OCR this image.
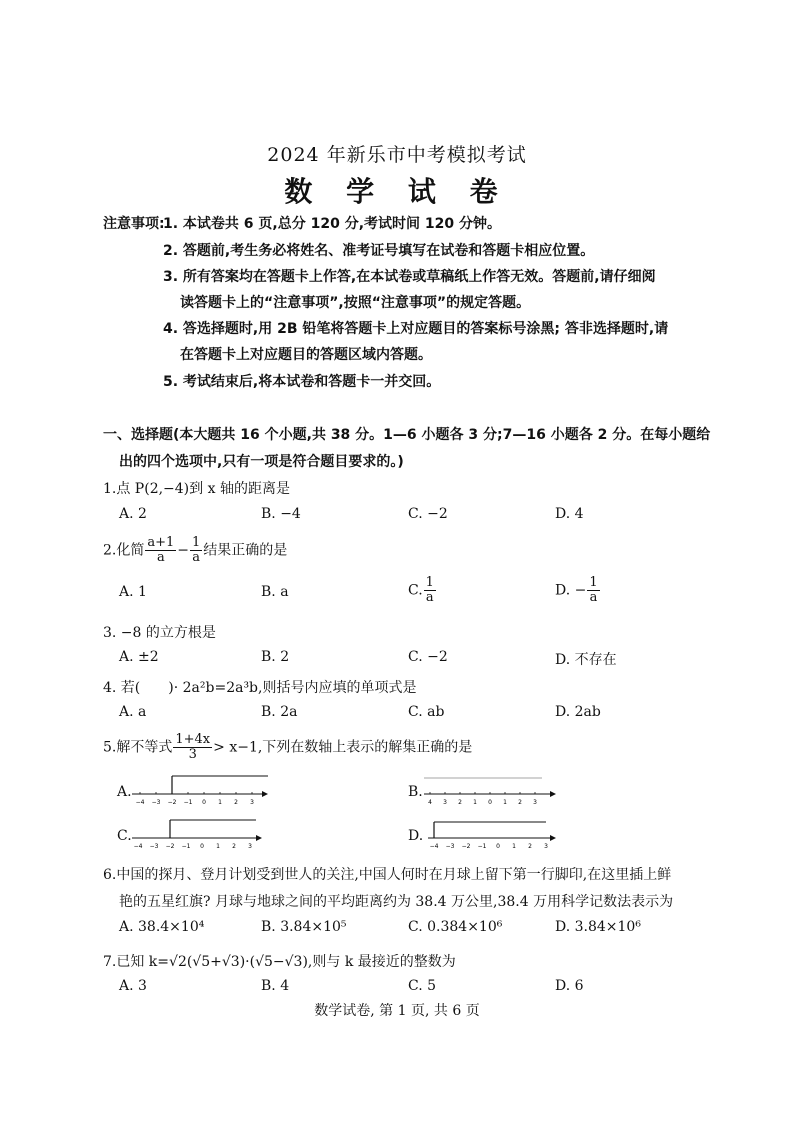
2024 年新乐市中考模拟考试
数 学 试 卷
注意事项:
1. 本试卷共 6 页,总分 120 分,考试时间 120 分钟。
2. 答题前,考生务必将姓名、准考证号填写在试卷和答题卡相应位置。
3. 所有答案均在答题卡上作答,在本试卷或草稿纸上作答无效。答题前,请仔细阅
读答题卡上的“注意事项”,按照“注意事项”的规定答题。
4. 答选择题时,用 2B 铅笔将答题卡上对应题目的答案标号涂黑; 答非选择题时,请
在答题卡上对应题目的答题区域内答题。
5. 考试结束后,将本试卷和答题卡一并交回。
一、选择题(本大题共 16 个小题,共 38 分。1—6 小题各 3 分;7—16 小题各 2 分。在每小题给
出的四个选项中,只有一项是符合题目要求的。)
1.点 P(2,−4)到 x 轴的距离是
A. 2	B. −4	C. −2	D. 4
2.化简 $\frac{a+1}{a} - \frac{1}{a}$ 结果正确的是
A. 1	B. a	C. $\frac{1}{a}$	D. − $\frac{1}{a}$
3. −8 的立方根是
A. ±2	B. 2	C. −2	D. 不存在
4. 若(　　)· 2a²b=2a³b,则括号内应填的单项式是
A. a	B. 2a	C. ab	D. 2ab
5.解不等式 $\frac{1+4x}{3} > x-1$,下列在数轴上表示的解集正确的是
A.	B.
C.	D.
−4 −3 −2 −1 0 1 2 3	4 3 2 1 0 1 2 3
−4 −3 −2 −1 0 1 2 3	−4 −3 −2 −1 0 1 2 3
6.中国的探月、登月计划受到世人的关注,中国人何时在月球上留下第一行脚印,在这里插上鲜
艳的五星红旗? 月球与地球之间的平均距离约为 38.4 万公里,38.4 万用科学记数法表示为
A. 38.4×10⁴	B. 3.84×10⁵	C. 0.384×10⁶	D. 3.84×10⁶
7.已知 k=√2(√5+√3)·(√5−√3),则与 k 最接近的整数为
A. 3	B. 4	C. 5	D. 6
数学试卷, 第 1 页, 共 6 页
